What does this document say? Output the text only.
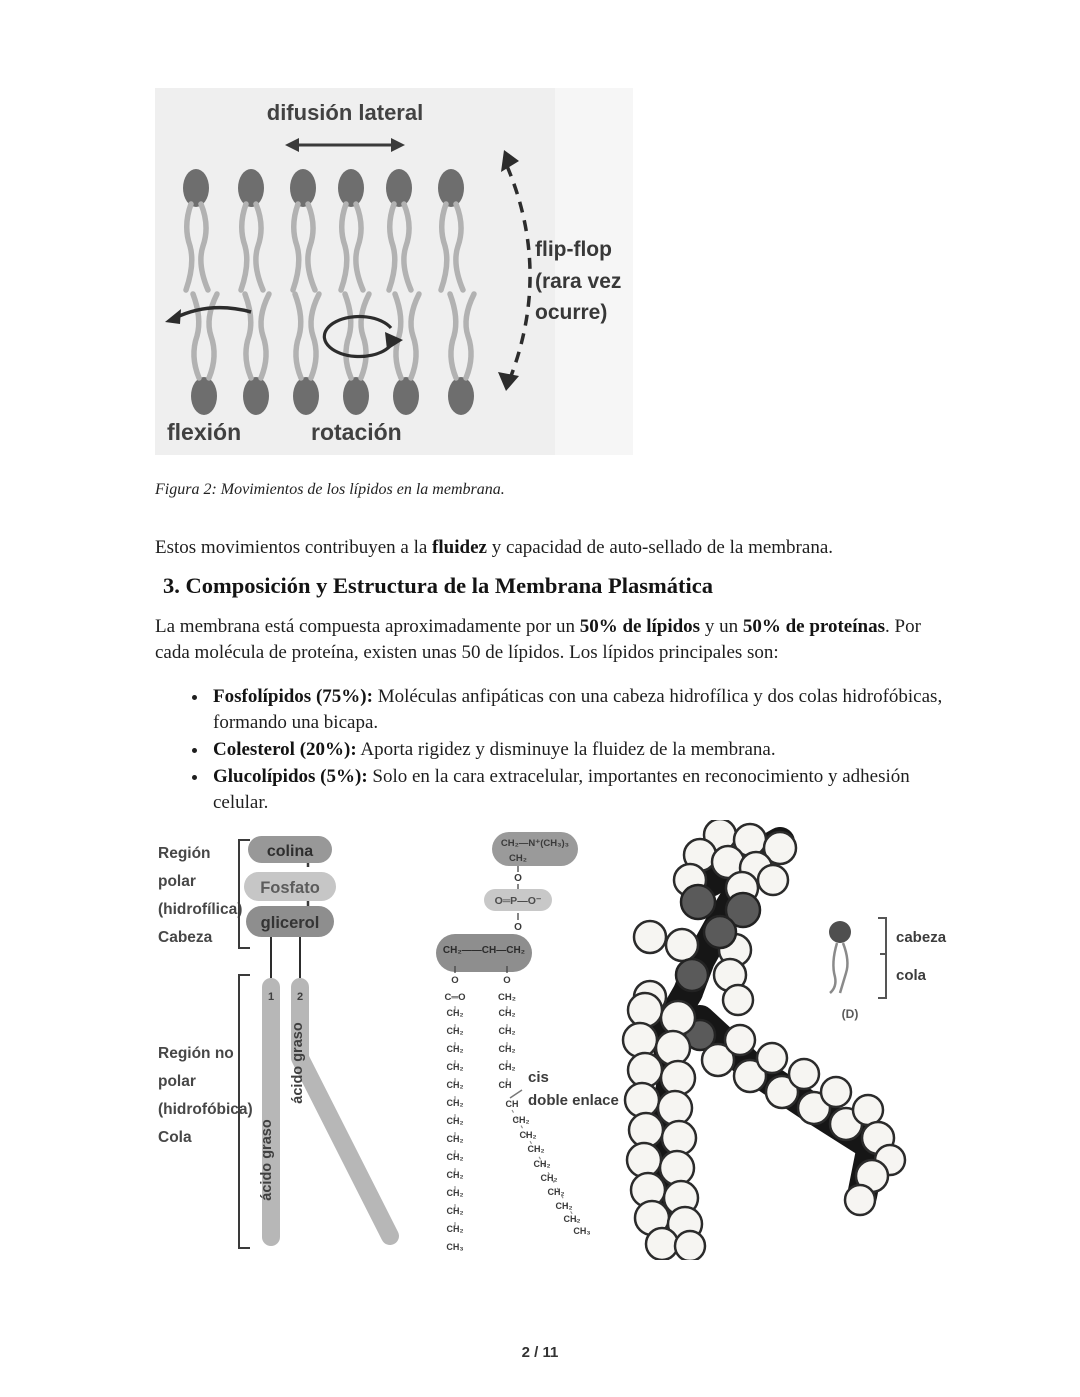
difusión lateral
flip-flop
(rara vez
ocurre)
flexión	rotación
Figura 2: Movimientos de los lípidos en la membrana.

Estos movimientos contribuyen a la fluidez y capacidad de auto-sellado de la membrana.

3. Composición y Estructura de la Membrana Plasmática

La membrana está compuesta aproximadamente por un 50% de lípidos y un 50% de proteínas. Por cada molécula de proteína, existen unas 50 de lípidos. Los lípidos principales son:

• Fosfolípidos (75%): Moléculas anfipáticas con una cabeza hidrofílica y dos colas hidrofóbicas, formando una bicapa.
• Colesterol (20%): Aporta rigidez y disminuye la fluidez de la membrana.
• Glucolípidos (5%): Solo en la cara extracelular, importantes en reconocimiento y adhesión celular.
Región
polar
(hidrofílica)
Cabeza
colina
Fosfato
glicerol
1 2
ácido graso
ácido graso
Región no
polar
(hidrofóbica)
Cola
CH₂—N⁺(CH₃)₃
CH₂
O
O═P—O⁻
O
CH₂——CH—CH₂
O	O
C═O	CH₂
CH₂
CH₂
CH₂
CH₂
CH₂
CH₂
CH₂
CH₂
CH₂
CH₂
CH₂
CH₂
CH₂
CH₃
CH₂
CH₂
CH₂
CH₂
CH
CH
CH₂
CH₂
CH₂
CH₂
CH₂
CH₂
CH₂
CH₂
CH₃
cis
doble enlace
cabeza
cola
(D)
2 / 11
